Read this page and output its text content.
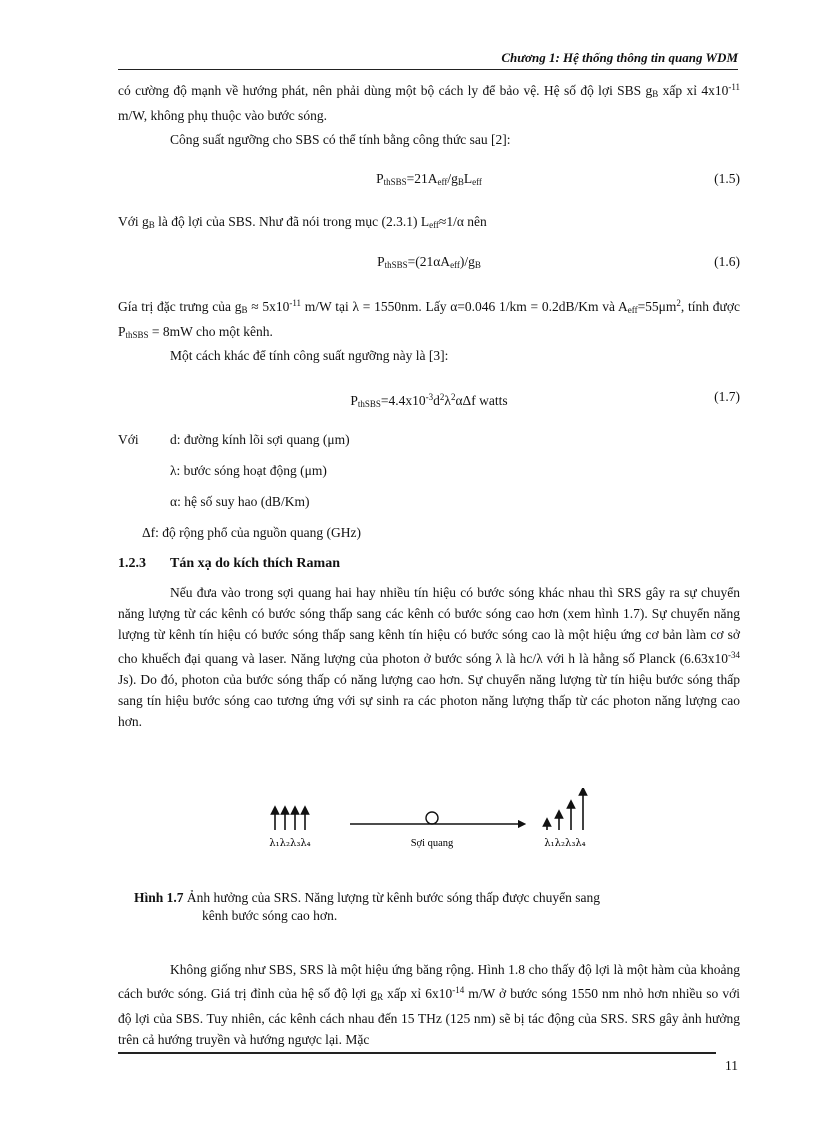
Chương 1: Hệ thống thông tin quang WDM
có cường độ mạnh về hướng phát, nên phải dùng một bộ cách ly để bảo vệ. Hệ số độ lợi SBS $g_B$ xấp xỉ $4x10^{-11}$ m/W, không phụ thuộc vào bước sóng.
Công suất ngưỡng cho SBS có thể tính bằng công thức sau [2]:
$P_{thSBS}=21A_{eff}/g_BL_{eff}$	(1.5)
Với $g_B$ là độ lợi của SBS. Như đã nói trong mục (2.3.1) $L_{eff}\approx 1/\alpha$ nên
$P_{thSBS}=(21\alpha A_{eff})/g_B$	(1.6)
Gía trị đặc trưng của $g_B \approx 5x10^{-11}$ m/W tại λ = 1550nm. Lấy α=0.046 1/km = 0.2dB/Km và $A_{eff}=55\mu m^2$, tính được $P_{thSBS} = 8mW$ cho một kênh.
Một cách khác để tính công suất ngưỡng này là [3]:
$P_{thSBS}=4.4x10^{-3}d^2\lambda^2\alpha\Delta f$ watts	(1.7)
Với d: đường kính lõi sợi quang (μm)
λ: bước sóng hoạt động (μm)
α: hệ số suy hao (dB/Km)
Δf: độ rộng phổ của nguồn quang (GHz)
1.2.3 Tán xạ do kích thích Raman
Nếu đưa vào trong sợi quang hai hay nhiều tín hiệu có bước sóng khác nhau thì SRS gây ra sự chuyển năng lượng từ các kênh có bước sóng thấp sang các kênh có bước sóng cao hơn (xem hình 1.7). Sự chuyển năng lượng từ kênh tín hiệu có bước sóng thấp sang kênh tín hiệu có bước sóng cao là một hiệu ứng cơ bản làm cơ sở cho khuếch đại quang và laser. Năng lượng của photon ở bước sóng λ là hc/λ với h là hằng số Planck ($6.63x10^{-34}$ Js). Do đó, photon của bước sóng thấp có năng lượng cao hơn. Sự chuyển năng lượng từ tín hiệu bước sóng thấp sang tín hiệu bước sóng cao tương ứng với sự sinh ra các photon năng lượng thấp từ các photon năng lượng cao hơn.
λ₁λ₂λ₃λ₄	Sợi quang	λ₁λ₂λ₃λ₄
Hình 1.7 Ảnh hưởng của SRS. Năng lượng từ kênh bước sóng thấp được chuyển sang
kênh bước sóng cao hơn.
Không giống như SBS, SRS là một hiệu ứng băng rộng. Hình 1.8 cho thấy độ lợi là một hàm của khoảng cách bước sóng. Giá trị đỉnh của hệ số độ lợi $g_R$ xấp xỉ $6x10^{-14}$ m/W ở bước sóng 1550 nm nhỏ hơn nhiều so với độ lợi của SBS. Tuy nhiên, các kênh cách nhau đến 15 THz (125 nm) sẽ bị tác động của SRS. SRS gây ảnh hưởng trên cả hướng truyền và hướng ngược lại. Mặc
11
